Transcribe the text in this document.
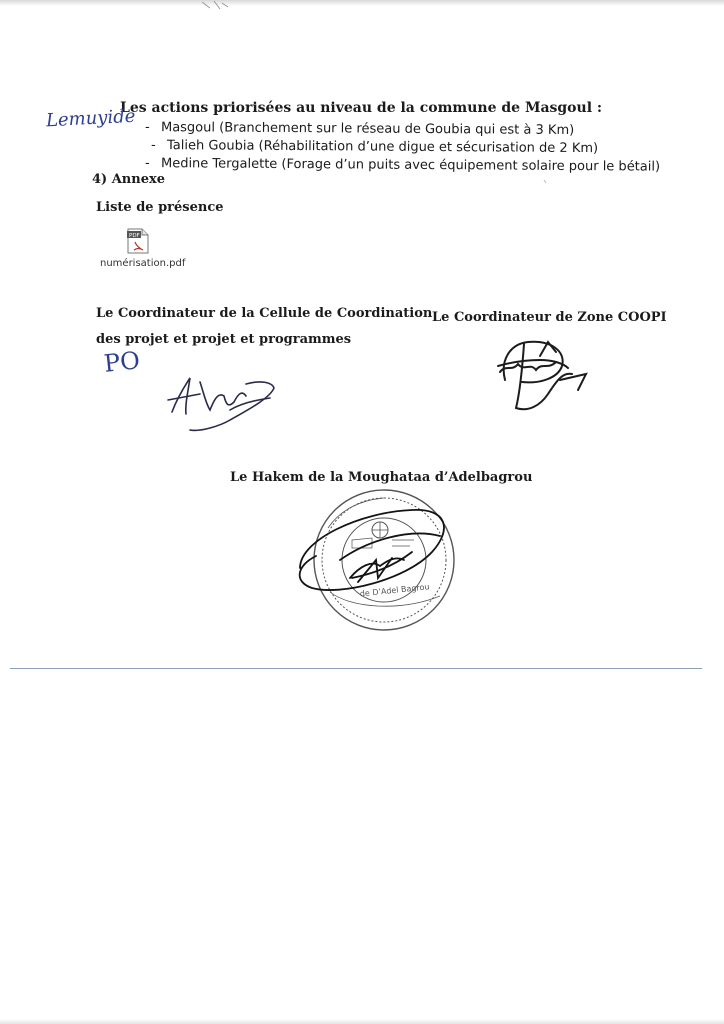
Les actions priorisées au niveau de la commune de Masgoul :
Lemuyide - Masgoul (Branchement sur le réseau de Goubia qui est à 3 Km)
- Talieh Goubia (Réhabilitation d’une digue et sécurisation de 2 Km)
- Medine Tergalette (Forage d’un puits avec équipement solaire pour le bétail)
4) Annexe
Liste de présence
PDF
numérisation.pdf
Le Coordinateur de la Cellule de Coordination
des projet et projet et programmes
Le Coordinateur de Zone COOPI
Le Hakem de la Moughataa d’Adelbagrou
PO
de D’Adel Bagrou
